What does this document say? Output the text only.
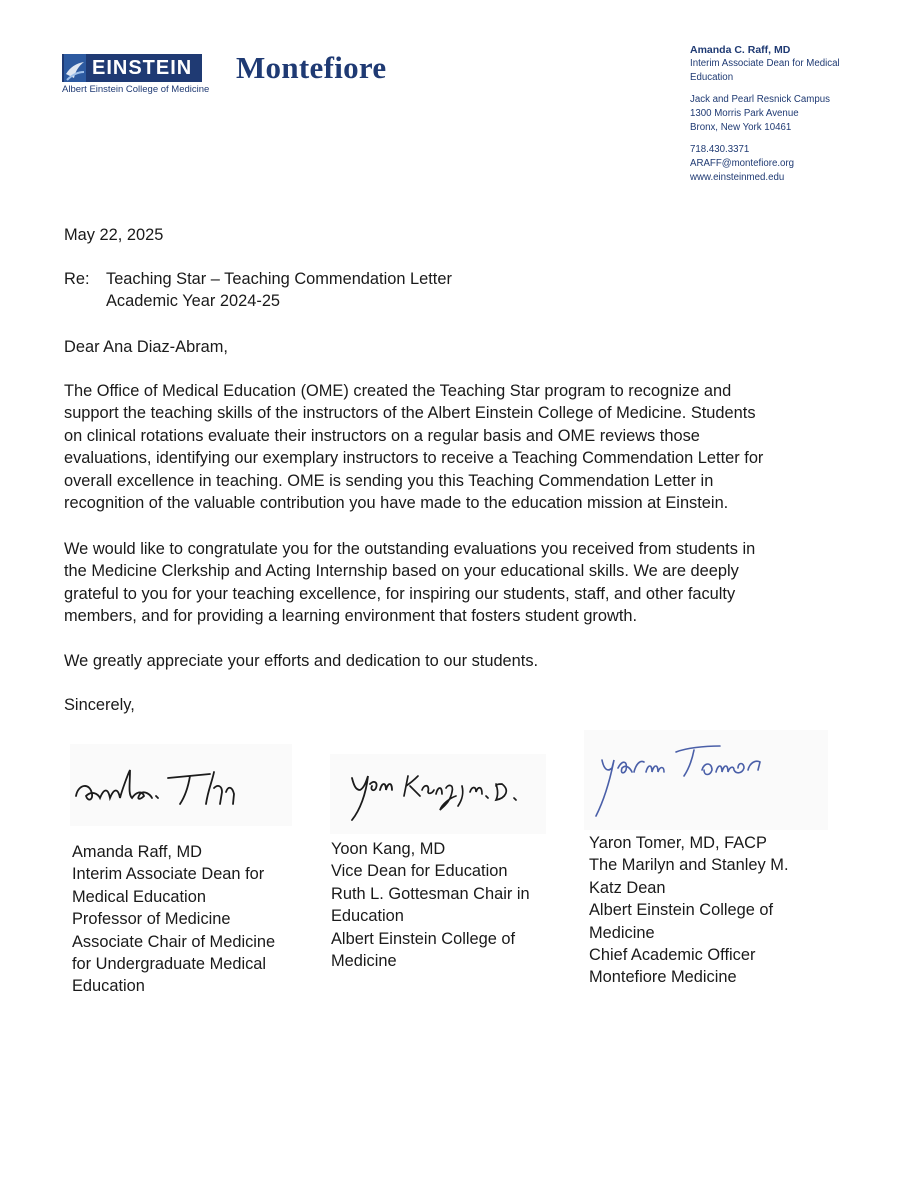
EINSTEIN
Albert Einstein College of Medicine
Montefiore	Amanda C. Raff, MD
Interim Associate Dean for Medical
Education
Jack and Pearl Resnick Campus
1300 Morris Park Avenue
Bronx, New York 10461
718.430.3371
ARAFF@montefiore.org
www.einsteinmed.edu
May 22, 2025
Re: Teaching Star – Teaching Commendation Letter
Academic Year 2024-25
Dear Ana Diaz-Abram,
The Office of Medical Education (OME) created the Teaching Star program to recognize and
support the teaching skills of the instructors of the Albert Einstein College of Medicine. Students
on clinical rotations evaluate their instructors on a regular basis and OME reviews those
evaluations, identifying our exemplary instructors to receive a Teaching Commendation Letter for
overall excellence in teaching. OME is sending you this Teaching Commendation Letter in
recognition of the valuable contribution you have made to the education mission at Einstein.
We would like to congratulate you for the outstanding evaluations you received from students in
the Medicine Clerkship and Acting Internship based on your educational skills. We are deeply
grateful to you for your teaching excellence, for inspiring our students, staff, and other faculty
members, and for providing a learning environment that fosters student growth.
We greatly appreciate your efforts and dedication to our students.
Sincerely,
Amanda Raff, MD
Interim Associate Dean for
Medical Education
Professor of Medicine
Associate Chair of Medicine
for Undergraduate Medical
Education
Yoon Kang, MD
Vice Dean for Education
Ruth L. Gottesman Chair in
Education
Albert Einstein College of
Medicine
Yaron Tomer, MD, FACP
The Marilyn and Stanley M.
Katz Dean
Albert Einstein College of
Medicine
Chief Academic Officer
Montefiore Medicine
